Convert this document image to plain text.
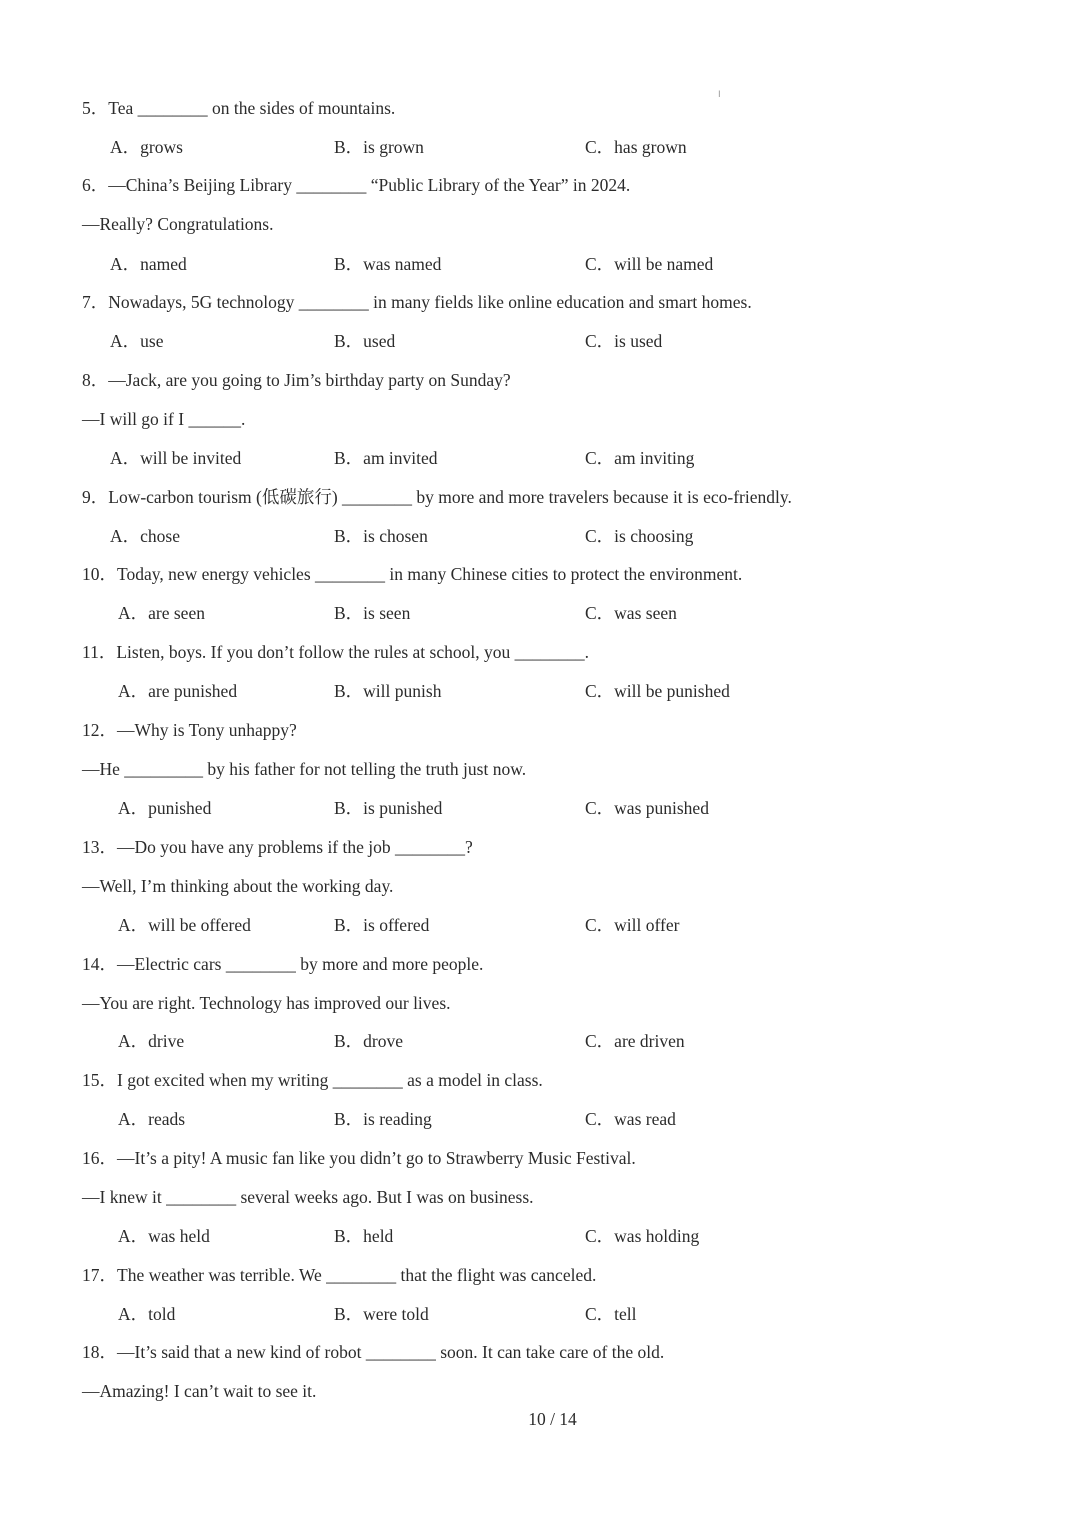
I
5．Tea ________ on the sides of mountains.
A．grows	B．is grown	C．has grown
6．—China’s Beijing Library ________ “Public Library of the Year” in 2024.
—Really? Congratulations.
A．named	B．was named	C．will be named
7．Nowadays, 5G technology ________ in many fields like online education and smart homes.
A．use	B．used	C．is used
8．—Jack, are you going to Jim’s birthday party on Sunday?
—I will go if I ______.
A．will be invited	B．am invited	C．am inviting
9．Low-carbon tourism (低碳旅行) ________ by more and more travelers because it is eco-friendly.
A．chose	B．is chosen	C．is choosing
10．Today, new energy vehicles ________ in many Chinese cities to protect the environment.
A．are seen	B．is seen	C．was seen
11．Listen, boys. If you don’t follow the rules at school, you ________.
A．are punished	B．will punish	C．will be punished
12．—Why is Tony unhappy?
—He _________ by his father for not telling the truth just now.
A．punished	B．is punished	C．was punished
13．—Do you have any problems if the job ________?
—Well, I’m thinking about the working day.
A．will be offered	B．is offered	C．will offer
14．—Electric cars ________ by more and more people.
—You are right. Technology has improved our lives.
A．drive	B．drove	C．are driven
15．I got excited when my writing ________ as a model in class.
A．reads	B．is reading	C．was read
16．—It’s a pity! A music fan like you didn’t go to Strawberry Music Festival.
—I knew it ________ several weeks ago. But I was on business.
A．was held	B．held	C．was holding
17．The weather was terrible. We ________ that the flight was canceled.
A．told	B．were told	C．tell
18．—It’s said that a new kind of robot ________ soon. It can take care of the old.
—Amazing! I can’t wait to see it.
10 / 14
